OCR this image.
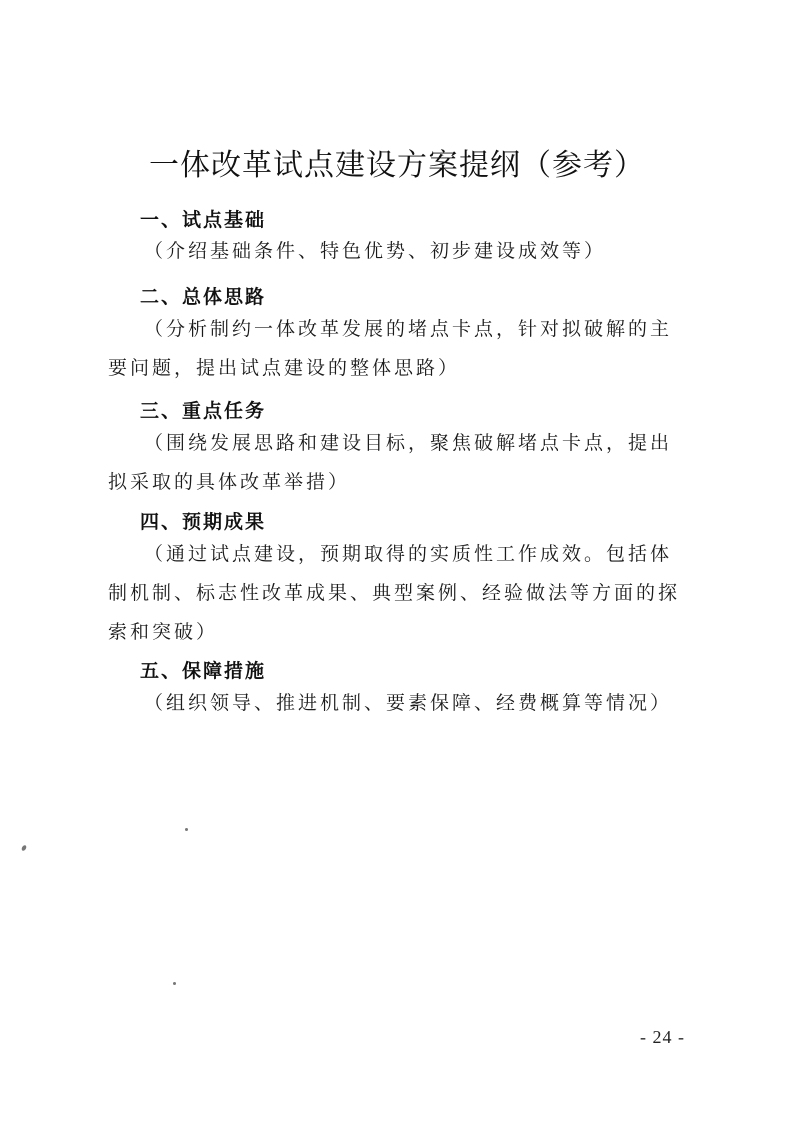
一体改革试点建设方案提纲（参考）
一、试点基础
（介绍基础条件、特色优势、初步建设成效等）
二、总体思路
（分析制约一体改革发展的堵点卡点，针对拟破解的主要问题，提出试点建设的整体思路）
三、重点任务
（围绕发展思路和建设目标，聚焦破解堵点卡点，提出拟采取的具体改革举措）
四、预期成果
（通过试点建设，预期取得的实质性工作成效。包括体制机制、标志性改革成果、典型案例、经验做法等方面的探索和突破）
五、保障措施
（组织领导、推进机制、要素保障、经费概算等情况）
- 24 -
